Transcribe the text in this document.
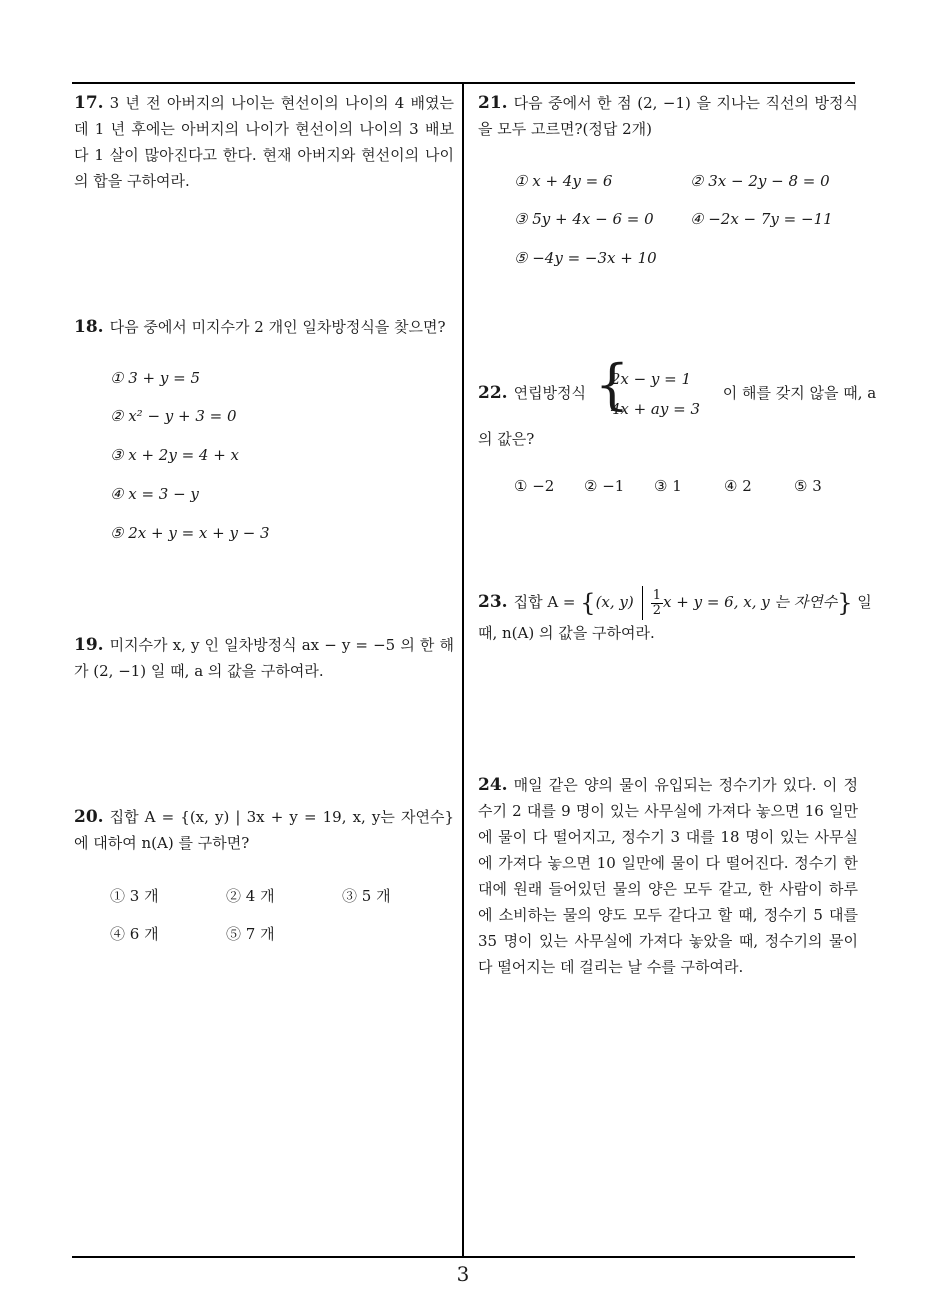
17. 3 년 전 아버지의 나이는 현선이의 나이의 4 배였는데 1 년 후에는 아버지의 나이가 현선이의 나이의 3 배보다 1 살이 많아진다고 한다. 현재 아버지와 현선이의 나이의 합을 구하여라.

18. 다음 중에서 미지수가 2 개인 일차방정식을 찾으면?

① 3 + y = 5
② x² − y + 3 = 0
③ x + 2y = 4 + x
④ x = 3 − y
⑤ 2x + y = x + y − 3

19. 미지수가 x, y 인 일차방정식 ax − y = −5 의 한 해가 (2, −1) 일 때, a 의 값을 구하여라.

20. 집합 A = {(x, y) | 3x + y = 19, x, y는 자연수} 에 대하여 n(A) 를 구하면?

① 3 개	② 4 개	③ 5 개
④ 6 개	⑤ 7 개

21. 다음 중에서 한 점 (2, −1) 을 지나는 직선의 방정식을 모두 고르면?(정답 2개)

① x + 4y = 6	② 3x − 2y − 8 = 0
③ 5y + 4x − 6 = 0 ④ −2x − 7y = −11
⑤ −4y = −3x + 10
22. 연립방정식 {
2x − y = 1
4x + ay = 3
이 해를 갖지 않을 때, a
의 값은?
① −2 ② −1 ③ 1	④ 2	⑤ 3
23. 집합 A = {(x, $y) \frac{1}{2}$ x + y = 6, x, y 는 자연수} 일
때, n(A) 의 값을 구하여라.

24. 매일 같은 양의 물이 유입되는 정수기가 있다. 이 정수기 2 대를 9 명이 있는 사무실에 가져다 놓으면 16 일만에 물이 다 떨어지고, 정수기 3 대를 18 명이 있는 사무실에 가져다 놓으면 10 일만에 물이 다 떨어진다. 정수기 한 대에 원래 들어있던 물의 양은 모두 같고, 한 사람이 하루에 소비하는 물의 양도 모두 같다고 할 때, 정수기 5 대를 35 명이 있는 사무실에 가져다 놓았을 때, 정수기의 물이 다 떨어지는 데 걸리는 날 수를 구하여라.

3
